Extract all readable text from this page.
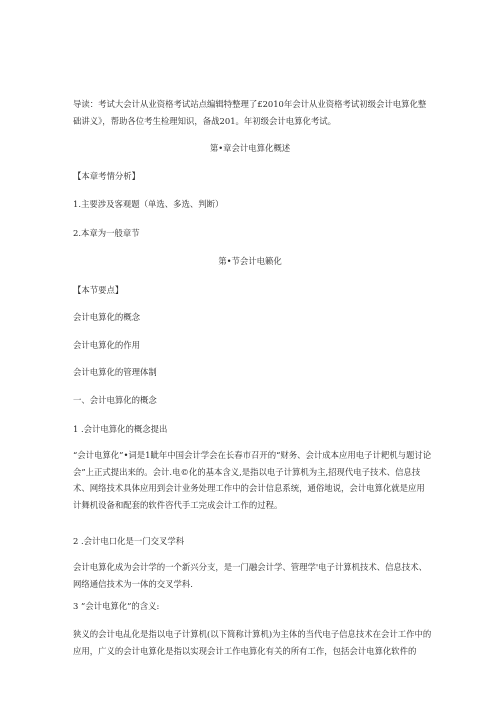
导读：考试大会计从业资格考试站点编辑特整理了£2010年会计从业资格考试初级会计电算化整础讲义》，帮助各位考生检理知识，备战201。年初级会计电算化考试。

第•章会计电算化概述

【本章考情分析】

1.主要涉及客观题（单选、多选、判断）

2.本章为一般章节

第•节会计电籁化

【本节要点】

会计电算化的概念

会计电算化的作用

会计电算化的管理体制

一、会计电算化的概念

1 .会计电算化的概念提出

“会计电算化”•词是1眦年中国会计学会在长春市召开的“财务、会计成本应用电子计耙机与题讨论会”上正式提出来的。会计.电©化的基本含义,是指以电子计算机为主,招现代电子技术、信息技术、网络技术具体应用到会计业务处理工作中的会计信息系统，通俗地说，会计电算化就是应用计舞机设备和配套的软件咨代手工完成会计工作的过程。

2 .会计电口化是一门交叉学科

会计电算化成为会计学的一个新兴分支，是一门融会计学、管理学'电子计算机技术、信息技术、网络通信技术为一体的交叉学科.

3 ”会计电算化”的含义:

狭义的会计电乩化是指以电子计算机(以下简称计算机)为主体的当代电子信息技术在会计工作中的应用，广义的会计电算化是指以实现会计工作电算化有关的所有工作，包括会计电算化软件的
